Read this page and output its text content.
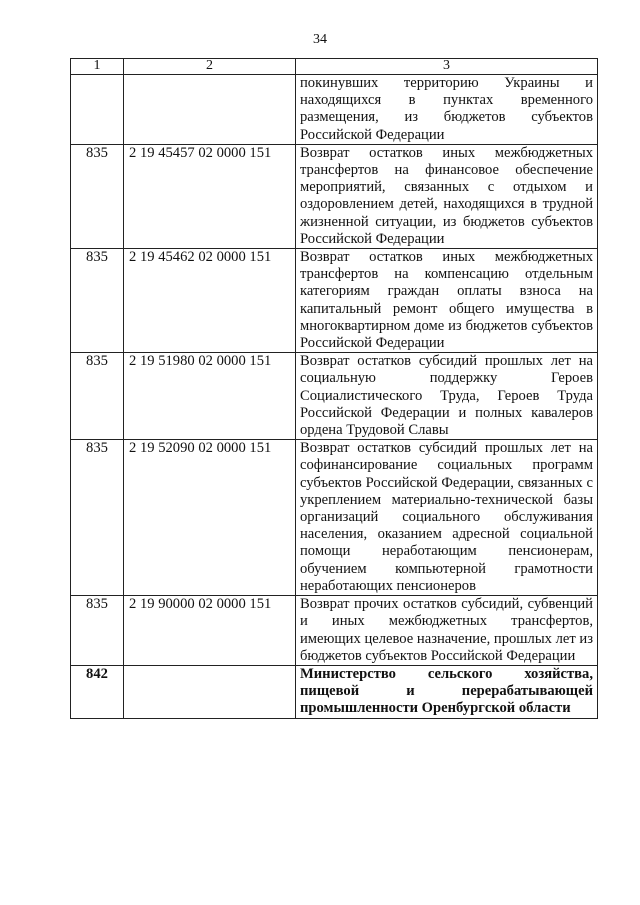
34
1	2	3
		покинувших территорию Украины и находящихся в пунктах временного размещения, из бюджетов субъектов Российской Федерации
835	2 19 45457 02 0000 151	Возврат остатков иных межбюджетных трансфертов на финансовое обеспечение мероприятий, связанных с отдыхом и оздоровлением детей, находящихся в трудной жизненной ситуации, из бюджетов субъектов Российской Федерации
835	2 19 45462 02 0000 151	Возврат остатков иных межбюджетных трансфертов на компенсацию отдельным категориям граждан оплаты взноса на капитальный ремонт общего имущества в многоквартирном доме из бюджетов субъектов Российской Федерации
835	2 19 51980 02 0000 151	Возврат остатков субсидий прошлых лет на социальную поддержку Героев Социалистического Труда, Героев Труда Российской Федерации и полных кавалеров ордена Трудовой Славы
835	2 19 52090 02 0000 151	Возврат остатков субсидий прошлых лет на софинансирование социальных программ субъектов Российской Федерации, связанных с укреплением материально-технической базы организаций социального обслуживания населения, оказанием адресной социальной помощи неработающим пенсионерам, обучением компьютерной грамотности неработающих пенсионеров
835	2 19 90000 02 0000 151	Возврат прочих остатков субсидий, субвенций и иных межбюджетных трансфертов, имеющих целевое назначение, прошлых лет из бюджетов субъектов Российской Федерации
842		Министерство сельского хозяйства, пищевой и перерабатывающей промышленности Оренбургской области
